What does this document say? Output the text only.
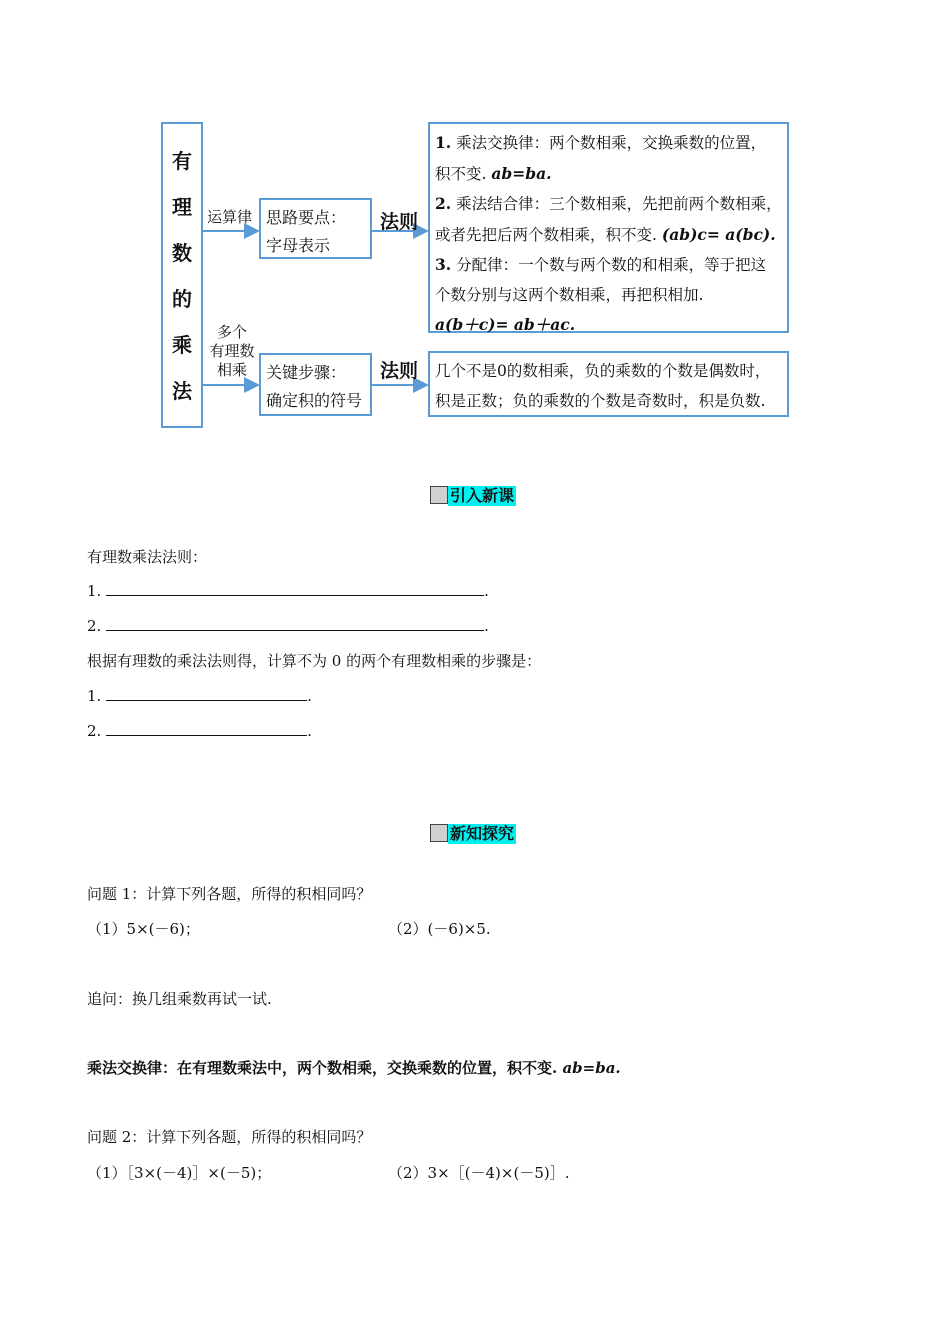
有
理
数
的
乘
法
运算律
多个
有理数
相乘
思路要点：
字母表示
关键步骤：
确定积的符号
法则
法则
1. 乘法交换律：两个数相乘，交换乘数的位置，
积不变. ab=ba.
2. 乘法结合律：三个数相乘，先把前两个数相乘，
或者先把后两个数相乘，积不变. (ab)c= a(bc).
3. 分配律：一个数与两个数的和相乘，等于把这
个数分别与这两个数相乘，再把积相加.
a(b＋c)= ab＋ac.
几个不是0的数相乘，负的乘数的个数是偶数时，
积是正数；负的乘数的个数是奇数时，积是负数.
引入新课
有理数乘法法则：
1.	.
2.	.
根据有理数的乘法法则得，计算不为 0 的两个有理数相乘的步骤是：
1.	.
2.	.
新知探究
问题 1：计算下列各题，所得的积相同吗？
（1）5×(－6)；	（2）(－6)×5.
追问：换几组乘数再试一试.
乘法交换律：在有理数乘法中，两个数相乘，交换乘数的位置，积不变. ab=ba.
问题 2：计算下列各题，所得的积相同吗？
（1）［3×(－4)］×(－5)；	（2）3×［(－4)×(－5)］.
